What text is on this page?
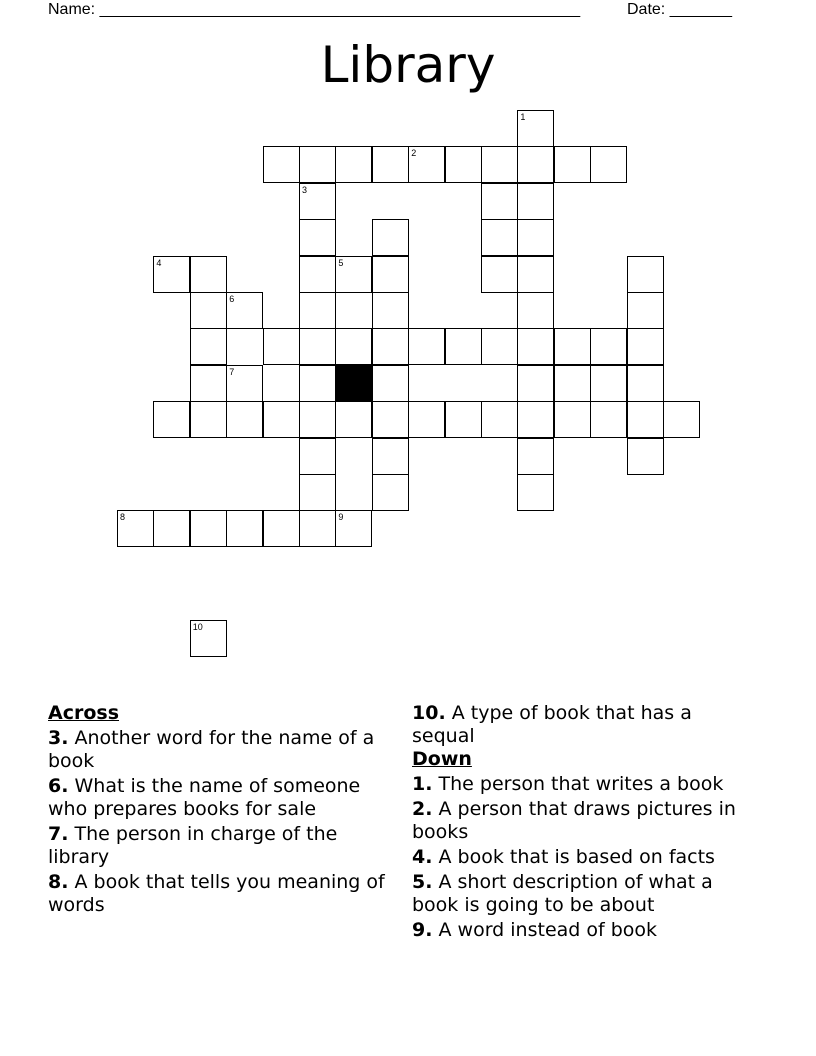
Name: ______________________________________________________	Date: _______
Library
8
2
1
3
4	5
6
7
9
10
Across
3. Another word for the name of a book
6. What is the name of someone who prepares books for sale
7. The person in charge of the library
8. A book that tells you meaning of words
10. A type of book that has a sequal
Down
1. The person that writes a book
2. A person that draws pictures in books
4. A book that is based on facts
5. A short description of what a book is going to be about
9. A word instead of book
